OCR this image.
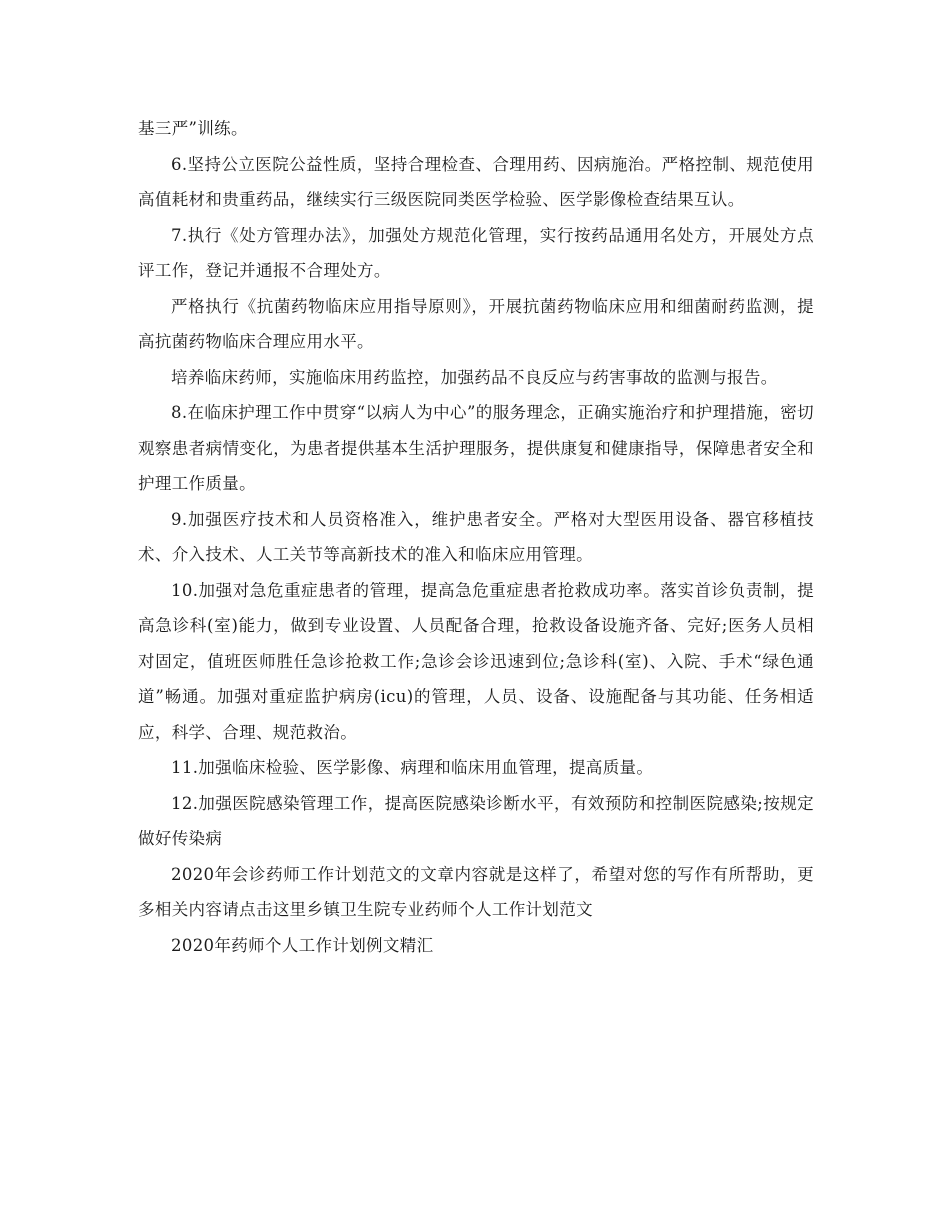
基三严”训练。

6.坚持公立医院公益性质，坚持合理检查、合理用药、因病施治。严格控制、规范使用高值耗材和贵重药品，继续实行三级医院同类医学检验、医学影像检查结果互认。

7.执行《处方管理办法》，加强处方规范化管理，实行按药品通用名处方，开展处方点评工作，登记并通报不合理处方。

严格执行《抗菌药物临床应用指导原则》，开展抗菌药物临床应用和细菌耐药监测，提高抗菌药物临床合理应用水平。

培养临床药师，实施临床用药监控，加强药品不良反应与药害事故的监测与报告。

8.在临床护理工作中贯穿“以病人为中心”的服务理念，正确实施治疗和护理措施，密切观察患者病情变化，为患者提供基本生活护理服务，提供康复和健康指导，保障患者安全和护理工作质量。

9.加强医疗技术和人员资格准入，维护患者安全。严格对大型医用设备、器官移植技术、介入技术、人工关节等高新技术的准入和临床应用管理。

10.加强对急危重症患者的管理，提高急危重症患者抢救成功率。落实首诊负责制，提高急诊科(室)能力，做到专业设置、人员配备合理，抢救设备设施齐备、完好;医务人员相对固定，值班医师胜任急诊抢救工作;急诊会诊迅速到位;急诊科(室)、入院、手术“绿色通道”畅通。加强对重症监护病房(icu)的管理，人员、设备、设施配备与其功能、任务相适应，科学、合理、规范救治。

11.加强临床检验、医学影像、病理和临床用血管理，提高质量。

12.加强医院感染管理工作，提高医院感染诊断水平，有效预防和控制医院感染;按规定做好传染病

2020年会诊药师工作计划范文的文章内容就是这样了，希望对您的写作有所帮助，更多相关内容请点击这里乡镇卫生院专业药师个人工作计划范文

2020年药师个人工作计划例文精汇
